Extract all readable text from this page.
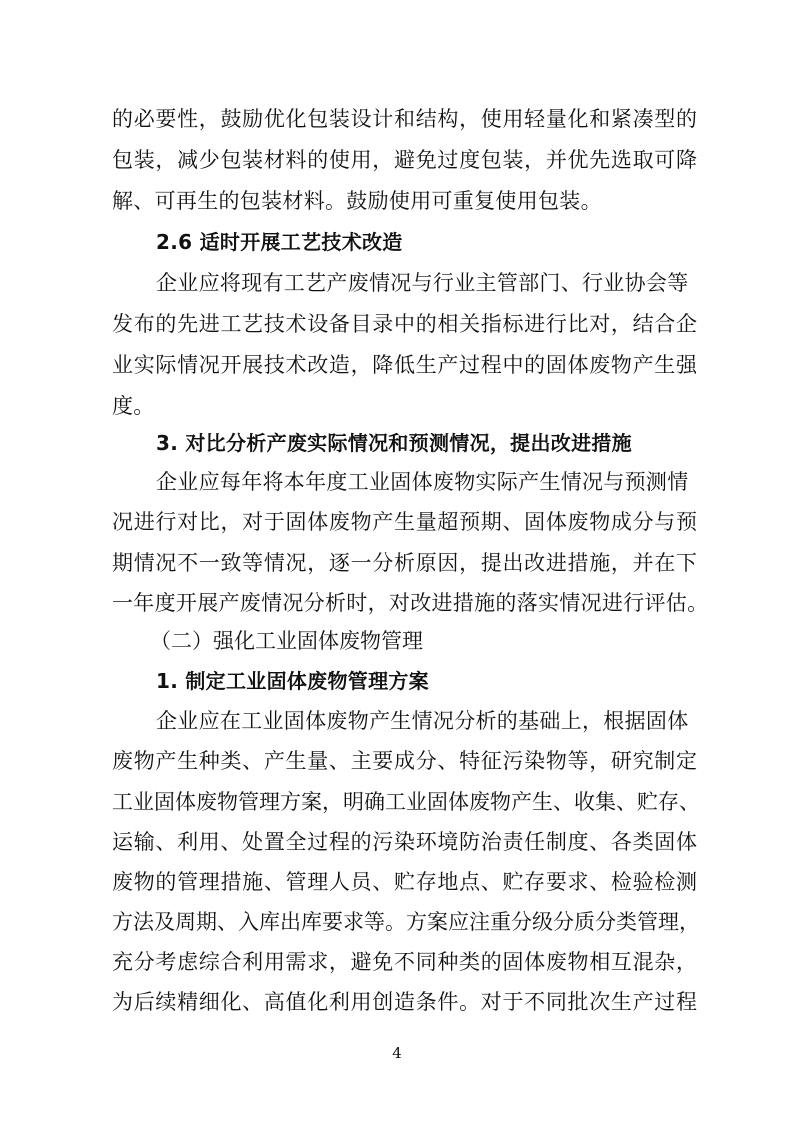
的必要性，鼓励优化包装设计和结构，使用轻量化和紧凑型的
包装，减少包装材料的使用，避免过度包装，并优先选取可降
解、可再生的包装材料。鼓励使用可重复使用包装。
2.6 适时开展工艺技术改造
企业应将现有工艺产废情况与行业主管部门、行业协会等
发布的先进工艺技术设备目录中的相关指标进行比对，结合企
业实际情况开展技术改造，降低生产过程中的固体废物产生强
度。
3. 对比分析产废实际情况和预测情况，提出改进措施
企业应每年将本年度工业固体废物实际产生情况与预测情
况进行对比，对于固体废物产生量超预期、固体废物成分与预
期情况不一致等情况，逐一分析原因，提出改进措施，并在下
一年度开展产废情况分析时，对改进措施的落实情况进行评估。
（二）强化工业固体废物管理
1. 制定工业固体废物管理方案
企业应在工业固体废物产生情况分析的基础上，根据固体
废物产生种类、产生量、主要成分、特征污染物等，研究制定
工业固体废物管理方案，明确工业固体废物产生、收集、贮存、
运输、利用、处置全过程的污染环境防治责任制度、各类固体
废物的管理措施、管理人员、贮存地点、贮存要求、检验检测
方法及周期、入库出库要求等。方案应注重分级分质分类管理，
充分考虑综合利用需求，避免不同种类的固体废物相互混杂，
为后续精细化、高值化利用创造条件。对于不同批次生产过程
4
